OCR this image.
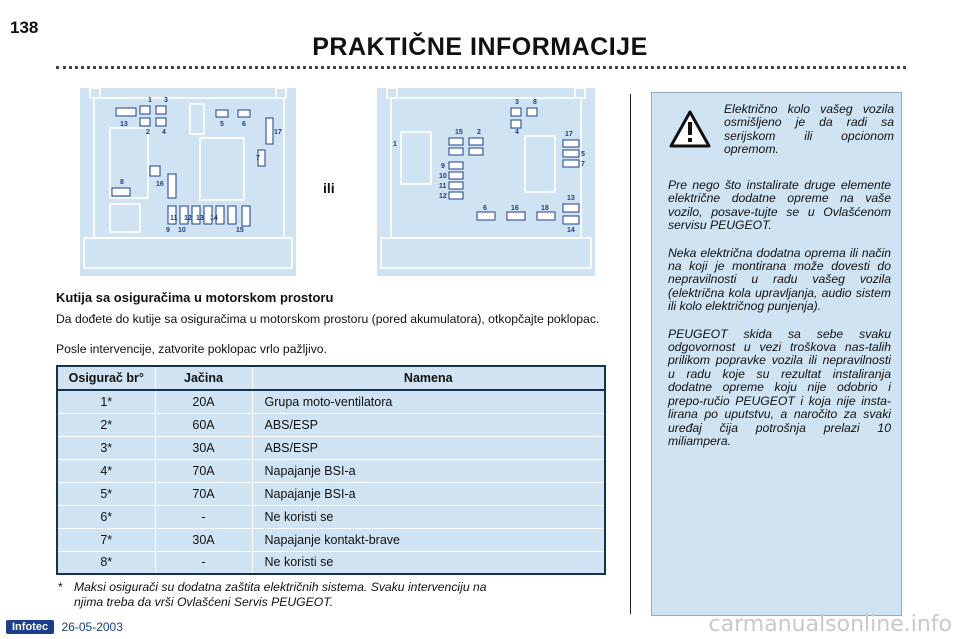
138
PRAKTIČNE INFORMACIJE
1 3
13
2 4
5	6
17
7
8	16
11 12 13 14
9 10	15
ili
3 8
1
15 2	4	17
5
7
9
10
11
12	13
6	16	18
14
Kutija sa osiguračima u motorskom prostoru
Da dođete do kutije sa osiguračima u motorskom prostoru (pored akumulatora), otkopčajte poklopac.
Posle intervencije, zatvorite poklopac vrlo pažljivo.
Osigurač br°	Jačina	Namena
1*	20A	Grupa moto-ventilatora
2*	60A	ABS/ESP
3*	30A	ABS/ESP
4*	70A	Napajanje BSI-a
5*	70A	Napajanje BSI-a
6*	-	Ne koristi se
7*	30A	Napajanje kontakt-brave
8*	-	Ne koristi se
* Maksi osigurači su dodatna zaštita električnih sistema. Svaku intervenciju na
njima treba da vrši Ovlašćeni Servis PEUGEOT.
Električno kolo vašeg vozila osmišljeno je da radi sa serijskom ili opcionom opremom.
Pre nego što instalirate druge elemente električne dodatne opreme na vaše vozilo, posave-tujte se u Ovlašćenom servisu PEUGEOT.
Neka električna dodatna oprema ili način na koji je montirana može dovesti do nepravilnosti u radu vašeg vozila (električna kola upravljanja, audio sistem ili kolo električnog punjenja).
PEUGEOT skida sa sebe svaku odgovornost u vezi troškova nas-talih prilikom popravke vozila ili nepravilnosti u radu koje su rezultat instaliranja dodatne opreme koju nije odobrio i prepo-ručio PEUGEOT i koja nije insta-lirana po uputstvu, a naročito za svaki uređaj čija potrošnja prelazi 10 miliampera.
Infotec 26-05-2003	carmanualsonline.info
